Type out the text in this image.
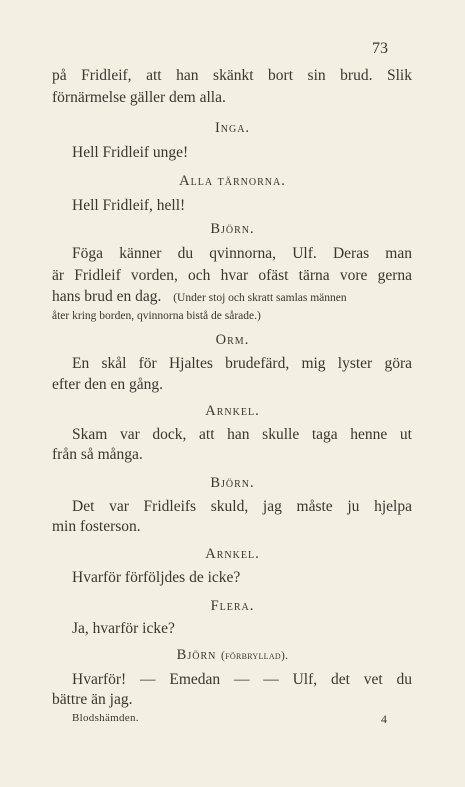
73
på Fridleif, att han skänkt bort sin brud. Slik
förnärmelse gäller dem alla.
Inga.
Hell Fridleif unge!
Alla tärnorna.
Hell Fridleif, hell!
Björn.
Föga känner du qvinnorna, Ulf. Deras man
är Fridleif vorden, och hvar ofäst tärna vore gerna
hans brud en dag. (Under stoj och skratt samlas männen
åter kring borden, qvinnorna bistå de sårade.)
Orm.
En skål för Hjaltes brudefärd, mig lyster göra
efter den en gång.
Arnkel.
Skam var dock, att han skulle taga henne ut
från så många.
Björn.
Det var Fridleifs skuld, jag måste ju hjelpa
min fosterson.
Arnkel.
Hvarför förföljdes de icke?
Flera.
Ja, hvarför icke?
Björn (förbryllad).
Hvarför! — Emedan — — Ulf, det vet du
bättre än jag.
Blodshämden.	4
